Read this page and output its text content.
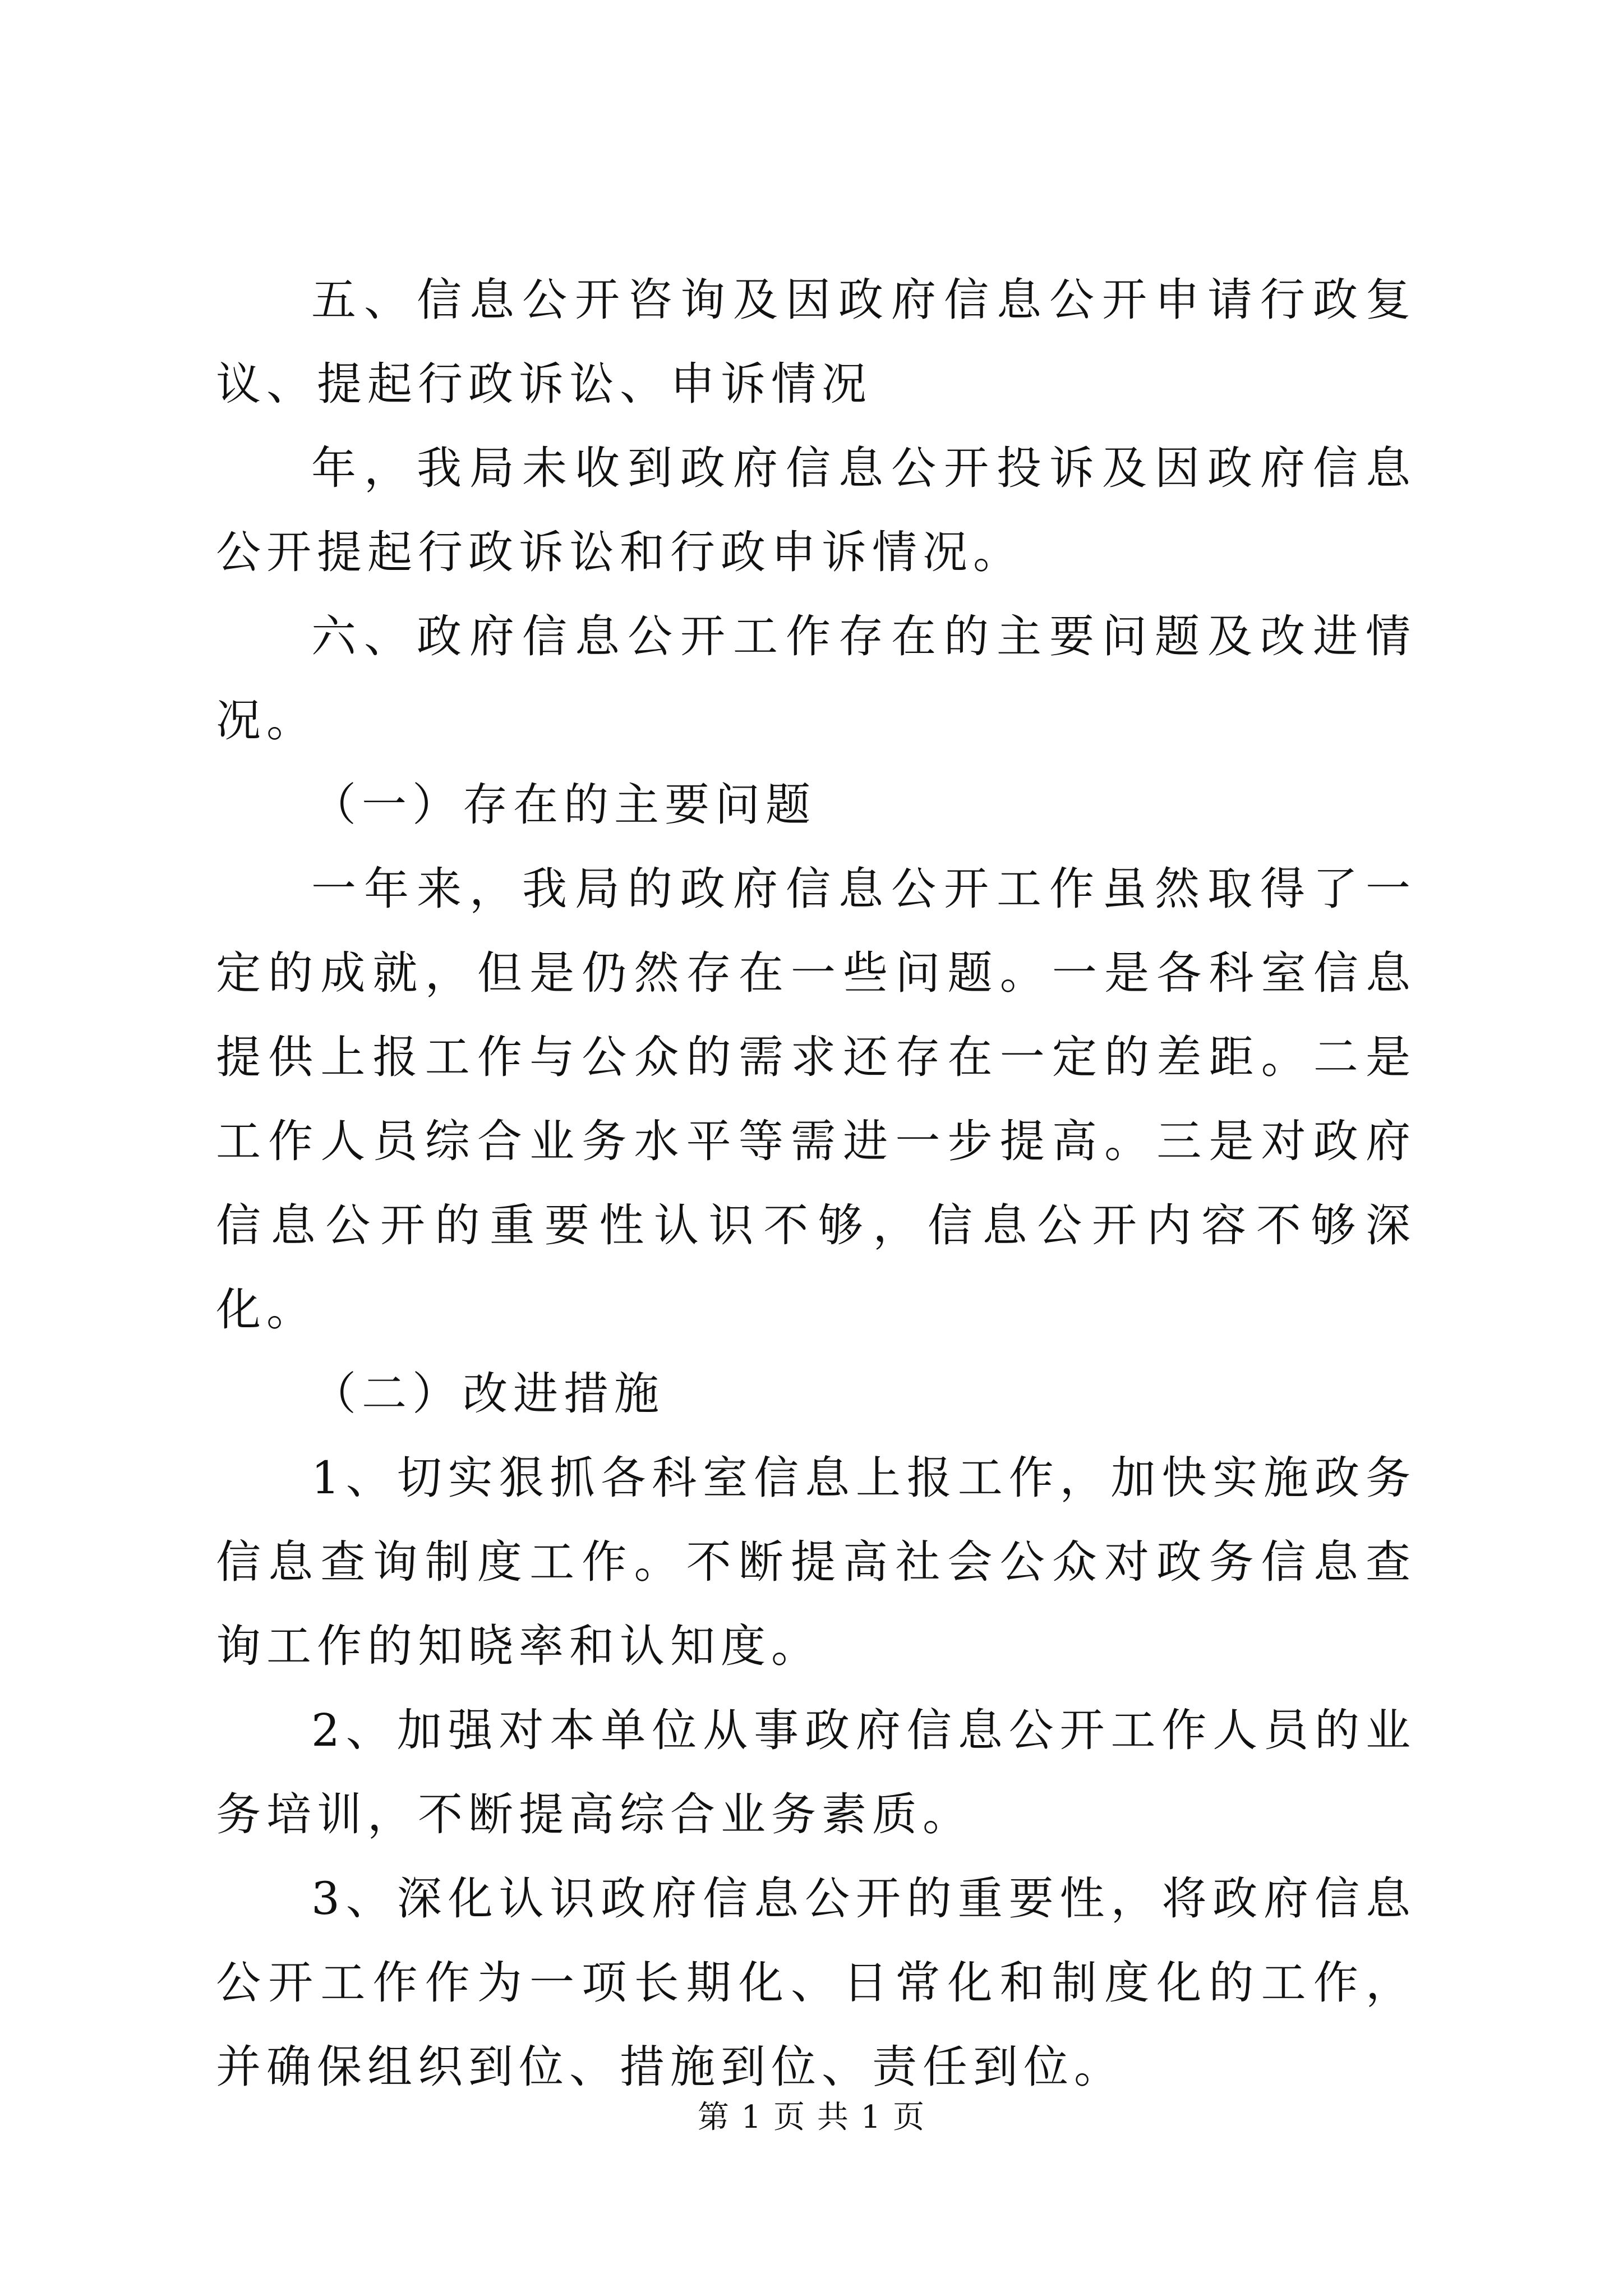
五、信息公开咨询及因政府信息公开申请行政复议、提起行政诉讼、申诉情况

年，我局未收到政府信息公开投诉及因政府信息公开提起行政诉讼和行政申诉情况。

六、政府信息公开工作存在的主要问题及改进情况。

（一）存在的主要问题

一年来，我局的政府信息公开工作虽然取得了一定的成就，但是仍然存在一些问题。一是各科室信息提供上报工作与公众的需求还存在一定的差距。二是工作人员综合业务水平等需进一步提高。三是对政府信息公开的重要性认识不够，信息公开内容不够深化。

（二）改进措施

1、切实狠抓各科室信息上报工作，加快实施政务信息查询制度工作。不断提高社会公众对政务信息查询工作的知晓率和认知度。

2、加强对本单位从事政府信息公开工作人员的业务培训，不断提高综合业务素质。

3、深化认识政府信息公开的重要性，将政府信息公开工作作为一项长期化、日常化和制度化的工作，并确保组织到位、措施到位、责任到位。

第 1 页 共 1 页
